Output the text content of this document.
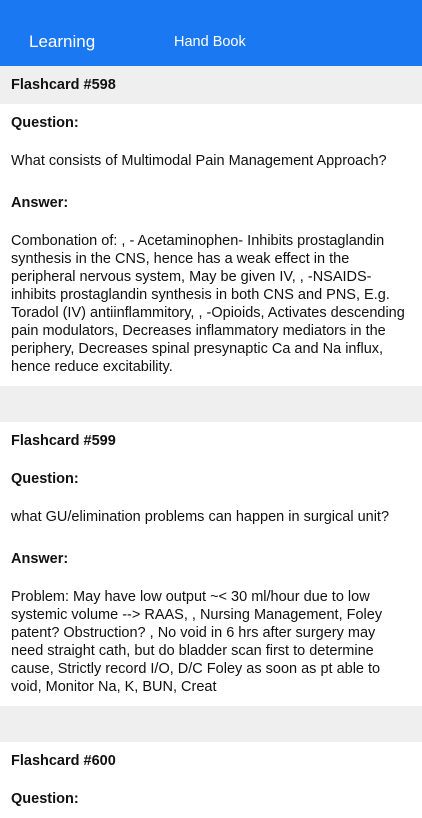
Learning	Hand Book
Flashcard #598
Question:
What consists of Multimodal Pain Management Approach?
Answer:
Combonation of: , - Acetaminophen- Inhibits prostaglandin synthesis in the CNS, hence has a weak effect in the peripheral nervous system, May be given IV, , -NSAIDS- inhibits prostaglandin synthesis in both CNS and PNS, E.g. Toradol (IV) antiinflammitory, , -Opioids, Activates descending pain modulators, Decreases inflammatory mediators in the periphery, Decreases spinal presynaptic Ca and Na influx, hence reduce excitability.
Flashcard #599
Question:
what GU/elimination problems can happen in surgical unit?
Answer:
Problem: May have low output ~< 30 ml/hour due to low systemic volume --> RAAS, , Nursing Management, Foley patent? Obstruction? , No void in 6 hrs after surgery may need straight cath, but do bladder scan first to determine cause, Strictly record I/O, D/C Foley as soon as pt able to void, Monitor Na, K, BUN, Creat
Flashcard #600
Question:
